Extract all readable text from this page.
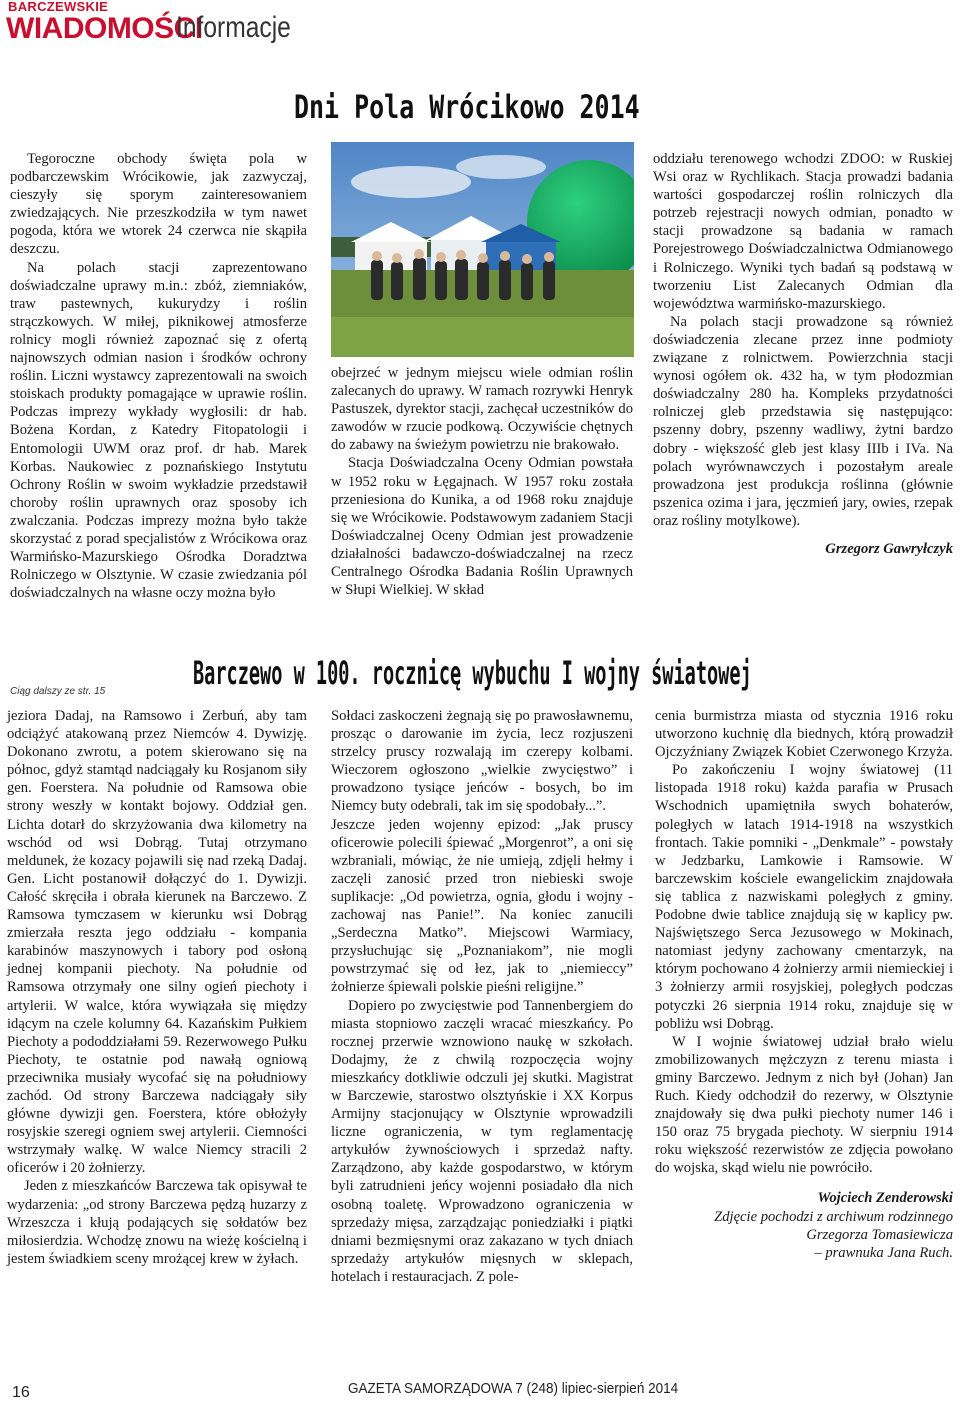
BARCZEWSKIE
WIADOMOŚCI
Informacje
Dni Pola Wrócikowo 2014

Tegoroczne obchody święta pola w podbarczewskim Wrócikowie, jak zazwyczaj, cieszyły się sporym zainteresowaniem zwiedzających. Nie przeszkodziła w tym nawet pogoda, która we wtorek 24 czerwca nie skąpiła deszczu.

Na polach stacji zaprezentowano doświadczalne uprawy m.in.: zbóż, ziemniaków, traw pastewnych, kukurydzy i roślin strączkowych. W miłej, piknikowej atmosferze rolnicy mogli również zapoznać się z ofertą najnowszych odmian nasion i środków ochrony roślin. Liczni wystawcy zaprezentowali na swoich stoiskach produkty pomagające w uprawie roślin. Podczas imprezy wykłady wygłosili: dr hab. Bożena Kordan, z Katedry Fitopatologii i Entomologii UWM oraz prof. dr hab. Marek Korbas. Naukowiec z poznańskiego Instytutu Ochrony Roślin w swoim wykładzie przedstawił choroby roślin uprawnych oraz sposoby ich zwalczania. Podczas imprezy można było także skorzystać z porad specjalistów z Wrócikowa oraz Warmińsko-Mazurskiego Ośrodka Doradztwa Rolniczego w Olsztynie. W czasie zwiedzania pól doświadczalnych na własne oczy można było

obejrzeć w jednym miejscu wiele odmian roślin zalecanych do uprawy. W ramach rozrywki Henryk Pastuszek, dyrektor stacji, zachęcał uczestników do zawodów w rzucie podkową. Oczywiście chętnych do zabawy na świeżym powietrzu nie brakowało.

Stacja Doświadczalna Oceny Odmian powstała w 1952 roku w Łęgajnach. W 1957 roku została przeniesiona do Kunika, a od 1968 roku znajduje się we Wrócikowie. Podstawowym zadaniem Stacji Doświadczalnej Oceny Odmian jest prowadzenie działalności badawczo-doświadczalnej na rzecz Centralnego Ośrodka Badania Roślin Uprawnych w Słupi Wielkiej. W skład

oddziału terenowego wchodzi ZDOO: w Ruskiej Wsi oraz w Rychlikach. Stacja prowadzi badania wartości gospodarczej roślin rolniczych dla potrzeb rejestracji nowych odmian, ponadto w stacji prowadzone są badania w ramach Porejestrowego Doświadczalnictwa Odmianowego i Rolniczego. Wyniki tych badań są podstawą w tworzeniu List Zalecanych Odmian dla województwa warmińsko-mazurskiego.

Na polach stacji prowadzone są również doświadczenia zlecane przez inne podmioty związane z rolnictwem. Powierzchnia stacji wynosi ogółem ok. 432 ha, w tym płodozmian doświadczalny 280 ha. Kompleks przydatności rolniczej gleb przedstawia się następująco: pszenny dobry, pszenny wadliwy, żytni bardzo dobry - większość gleb jest klasy IIIb i IVa. Na polach wyrównawczych i pozostałym areale prowadzona jest produkcja roślinna (głównie pszenica ozima i jara, jęczmień jary, owies, rzepak oraz rośliny motylkowe).

Grzegorz Gawryłczyk

Ciąg dalszy ze str. 15	Barczewo w 100. rocznicę wybuchu I wojny światowej

jeziora Dadaj, na Ramsowo i Zerbuń, aby tam odciążyć atakowaną przez Niemców 4. Dywizję. Dokonano zwrotu, a potem skierowano się na północ, gdyż stamtąd nadciągały ku Rosjanom siły gen. Foerstera. Na południe od Ramsowa obie strony weszły w kontakt bojowy. Oddział gen. Lichta dotarł do skrzyżowania dwa kilometry na wschód od wsi Dobrąg. Tutaj otrzymano meldunek, że kozacy pojawili się nad rzeką Dadaj. Gen. Licht postanowił dołączyć do 1. Dywizji. Całość skręciła i obrała kierunek na Barczewo. Z Ramsowa tymczasem w kierunku wsi Dobrąg zmierzała reszta jego oddziału - kompania karabinów maszynowych i tabory pod osłoną jednej kompanii piechoty. Na południe od Ramsowa otrzymały one silny ogień piechoty i artylerii. W walce, która wywiązała się między idącym na czele kolumny 64. Kazańskim Pułkiem Piechoty a pododdziałami 59. Rezerwowego Pułku Piechoty, te ostatnie pod nawałą ogniową przeciwnika musiały wycofać się na południowy zachód. Od strony Barczewa nadciągały siły główne dywizji gen. Foerstera, które obłożyły rosyjskie szeregi ogniem swej artylerii. Ciemności wstrzymały walkę. W walce Niemcy stracili 2 oficerów i 20 żołnierzy.

Jeden z mieszkańców Barczewa tak opisywał te wydarzenia: „od strony Barczewa pędzą huzarzy z Wrzeszcza i kłują podających się sołdatów bez miłosierdzia. Wchodzę znowu na wieżę kościelną i jestem świadkiem sceny mrożącej krew w żyłach.

Sołdaci zaskoczeni żegnają się po prawosławnemu, prosząc o darowanie im życia, lecz rozjuszeni strzelcy pruscy rozwalają im czerepy kolbami. Wieczorem ogłoszono „wielkie zwycięstwo” i prowadzono tysiące jeńców - bosych, bo im Niemcy buty odebrali, tak im się spodobały...”.

Jeszcze jeden wojenny epizod: „Jak pruscy oficerowie polecili śpiewać „Morgenrot”, a oni się wzbraniali, mówiąc, że nie umieją, zdjęli hełmy i zaczęli zanosić przed tron niebieski swoje suplikacje: „Od powietrza, ognia, głodu i wojny - zachowaj nas Panie!”. Na koniec zanucili „Serdeczna Matko”. Miejscowi Warmiacy, przysłuchując się „Poznaniakom”, nie mogli powstrzymać się od łez, jak to „niemieccy” żołnierze śpiewali polskie pieśni religijne.”

Dopiero po zwycięstwie pod Tannenbergiem do miasta stopniowo zaczęli wracać mieszkańcy. Po rocznej przerwie wznowiono naukę w szkołach. Dodajmy, że z chwilą rozpoczęcia wojny mieszkańcy dotkliwie odczuli jej skutki. Magistrat w Barczewie, starostwo olsztyńskie i XX Korpus Armijny stacjonujący w Olsztynie wprowadzili liczne ograniczenia, w tym reglamentację artykułów żywnościowych i sprzedaż nafty. Zarządzono, aby każde gospodarstwo, w którym byli zatrudnieni jeńcy wojenni posiadało dla nich osobną toaletę. Wprowadzono ograniczenia w sprzedaży mięsa, zarządzając poniedziałki i piątki dniami bezmięsnymi oraz zakazano w tych dniach sprzedaży artykułów mięsnych w sklepach, hotelach i restauracjach. Z pole-

cenia burmistrza miasta od stycznia 1916 roku utworzono kuchnię dla biednych, którą prowadził Ojczyźniany Związek Kobiet Czerwonego Krzyża.

Po zakończeniu I wojny światowej (11 listopada 1918 roku) każda parafia w Prusach Wschodnich upamiętniła swych bohaterów, poległych w latach 1914-1918 na wszystkich frontach. Takie pomniki - „Denkmale” - powstały w Jedzbarku, Lamkowie i Ramsowie. W barczewskim kościele ewangelickim znajdowała się tablica z nazwiskami poległych z gminy. Podobne dwie tablice znajdują się w kaplicy pw. Najświętszego Serca Jezusowego w Mokinach, natomiast jedyny zachowany cmentarzyk, na którym pochowano 4 żołnierzy armii niemieckiej i 3 żołnierzy armii rosyjskiej, poległych podczas potyczki 26 sierpnia 1914 roku, znajduje się w pobliżu wsi Dobrąg.

W I wojnie światowej udział brało wielu zmobilizowanych mężczyzn z terenu miasta i gminy Barczewo. Jednym z nich był (Johan) Jan Ruch. Kiedy odchodził do rezerwy, w Olsztynie znajdowały się dwa pułki piechoty numer 146 i 150 oraz 75 brygada piechoty. W sierpniu 1914 roku większość rezerwistów ze zdjęcia powołano do wojska, skąd wielu nie powróciło.

Wojciech Zenderowski

Zdjęcie pochodzi z archiwum rodzinnego

Grzegorza Tomasiewicza

– prawnuka Jana Ruch.

16	GAZETA SAMORZĄDOWA 7 (248) lipiec-sierpień 2014
